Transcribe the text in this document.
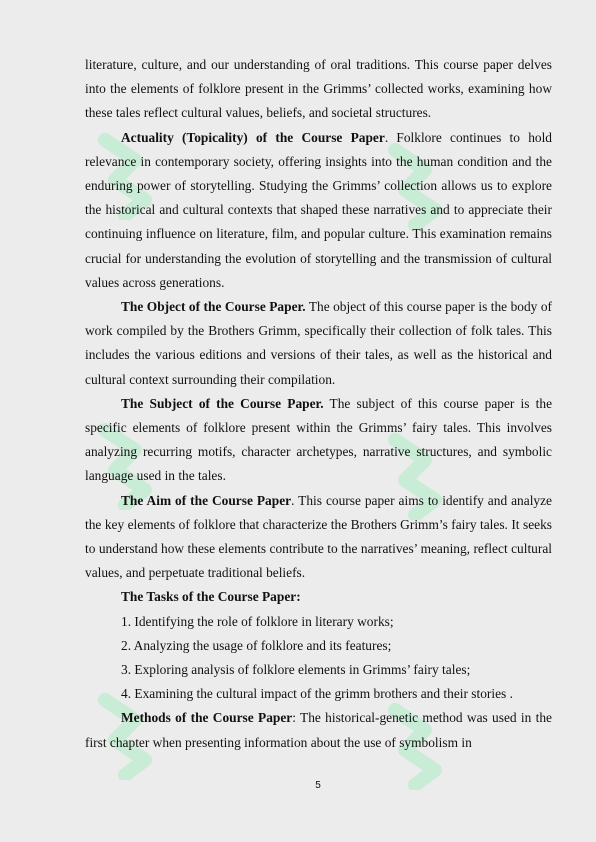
literature, culture, and our understanding of oral traditions. This course paper delves into the elements of folklore present in the Grimms’ collected works, examining how these tales reflect cultural values, beliefs, and societal structures.

Actuality (Topicality) of the Course Paper. Folklore continues to hold relevance in contemporary society, offering insights into the human condition and the enduring power of storytelling. Studying the Grimms’ collection allows us to explore the historical and cultural contexts that shaped these narratives and to appreciate their continuing influence on literature, film, and popular culture. This examination remains crucial for understanding the evolution of storytelling and the transmission of cultural values across generations.

The Object of the Course Paper. The object of this course paper is the body of work compiled by the Brothers Grimm, specifically their collection of folk tales. This includes the various editions and versions of their tales, as well as the historical and cultural context surrounding their compilation.

The Subject of the Course Paper. The subject of this course paper is the specific elements of folklore present within the Grimms’ fairy tales. This involves analyzing recurring motifs, character archetypes, narrative structures, and symbolic language used in the tales.

The Aim of the Course Paper. This course paper aims to identify and analyze the key elements of folklore that characterize the Brothers Grimm’s fairy tales. It seeks to understand how these elements contribute to the narratives’ meaning, reflect cultural values, and perpetuate traditional beliefs.

The Tasks of the Course Paper:

1. Identifying the role of folklore in literary works;

2. Analyzing the usage of folklore and its features;

3. Exploring analysis of folklore elements in Grimms’ fairy tales;

4. Examining the cultural impact of the grimm brothers and their stories .

Methods of the Course Paper: The historical-genetic method was used in the first chapter when presenting information about the use of symbolism in

5
